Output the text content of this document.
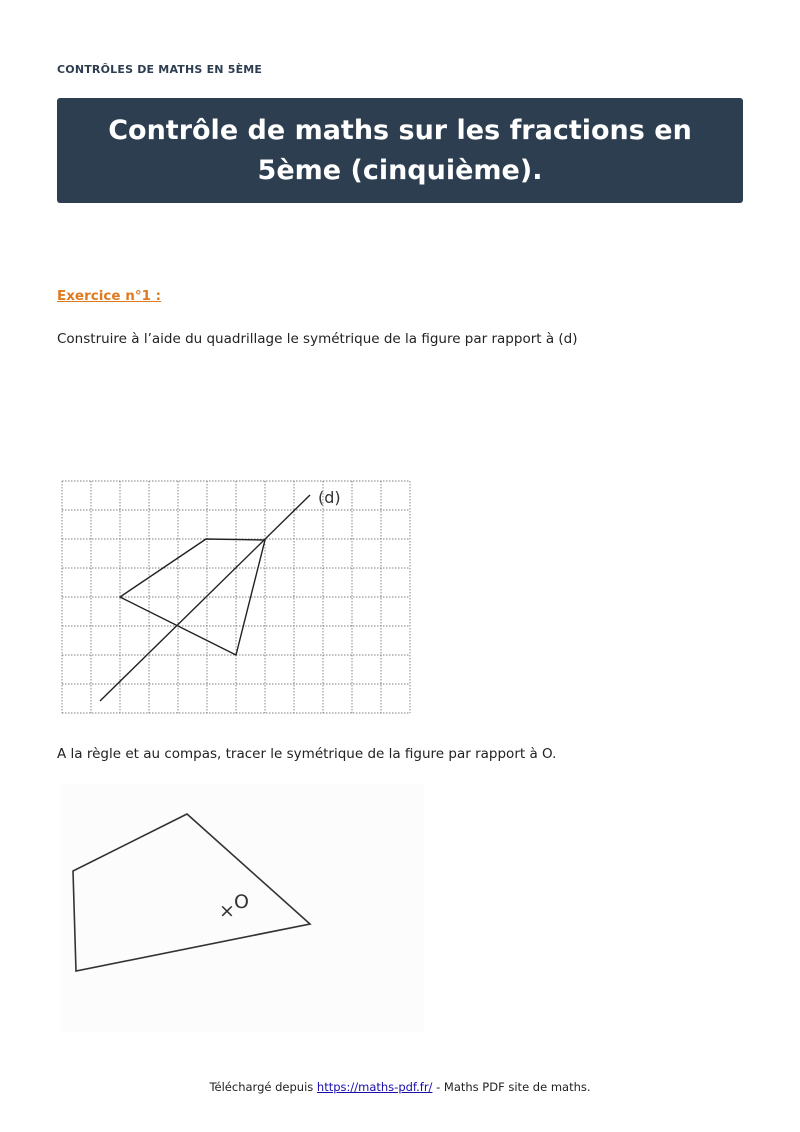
CONTRÔLES DE MATHS EN 5ÈME
Contrôle de maths sur les fractions en 5ème (cinquième).
Exercice n°1 :
Construire à l’aide du quadrillage le symétrique de la figure par rapport à (d)
(d)
A la règle et au compas, tracer le symétrique de la figure par rapport à O.
× O
Téléchargé depuis https://maths-pdf.fr/ - Maths PDF site de maths.
